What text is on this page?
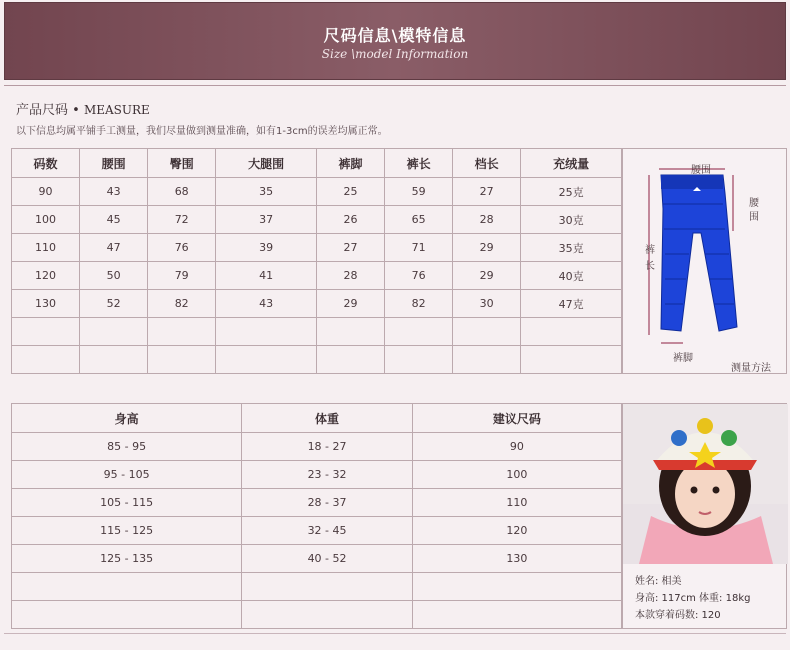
尺码信息\模特信息
Size \model Information
产品尺码 • MEASURE
以下信息均属平铺手工测量，我们尽量做到测量准确，如有1-3cm的误差均属正常。
码数	腰围	臀围	大腿围	裤脚	裤长	档长	充绒量
90	43	68	35	25	59	27	25克
100	45	72	37	26	65	28	30克
110	47	76	39	27	71	29	35克
120	50	79	41	28	76	29	40克
130	52	82	43	29	82	30	47克

腰围
腰
围
裤
长
裤脚
测量方法
身高	体重	建议尺码
85 - 95	18 - 27	90
95 - 105	23 - 32	100
105 - 115	28 - 37	110
115 - 125	32 - 45	120
125 - 135	40 - 52	130

姓名: 相美
身高: 117cm 体重: 18kg
本款穿着码数: 120
